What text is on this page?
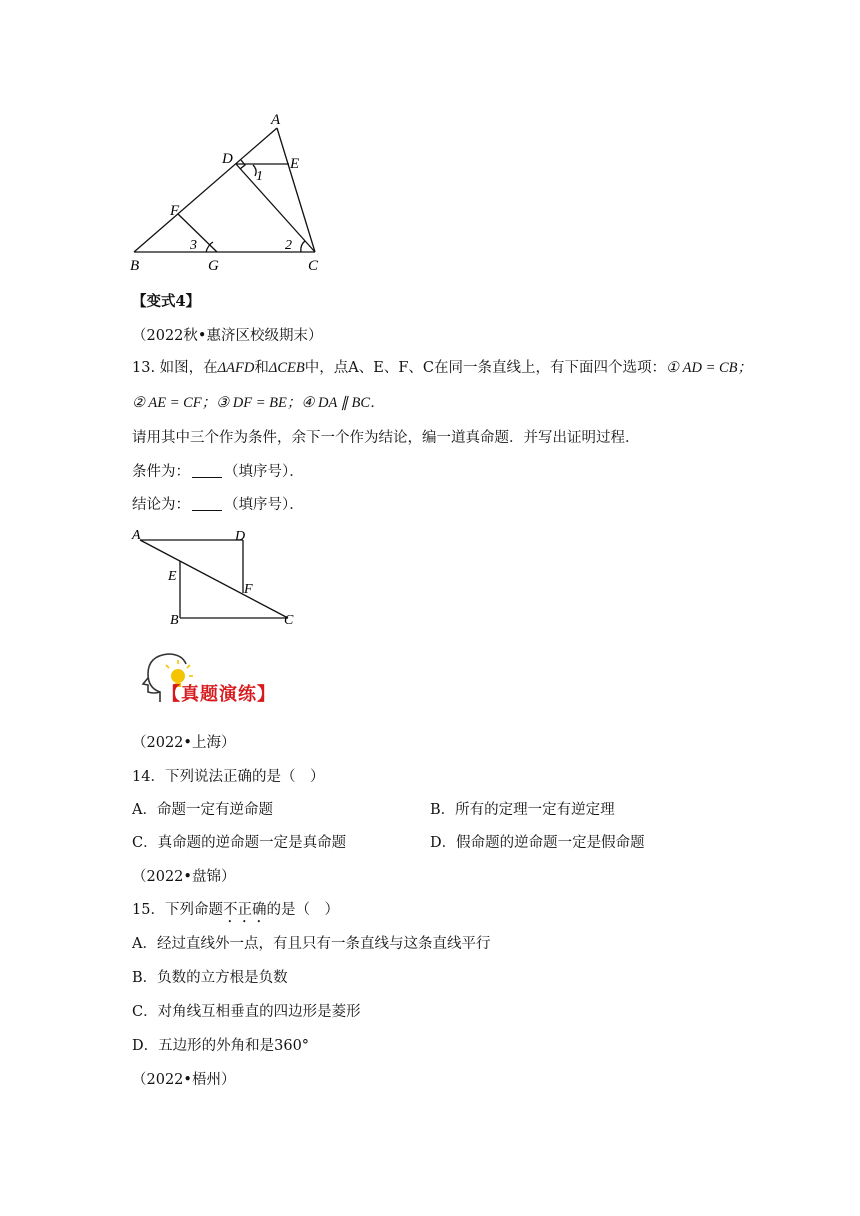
A
D	E
F
B	G	C
1
3	2
【变式4】
（2022秋•惠济区校级期末）
13. 如图，在ΔAFD和ΔCEB中，点A、E、F、C在同一条直线上，有下面四个选项：① AD = CB；
② AE = CF；③ DF = BE；④ DA ∥ BC．
请用其中三个作为条件，余下一个作为结论，编一道真命题．并写出证明过程．
条件为： （填序号）．
结论为： （填序号）．
A	D
E
F
B	C
【真题演练】
（2022•上海）
14．下列说法正确的是（　）
A．命题一定有逆命题	B．所有的定理一定有逆定理
C．真命题的逆命题一定是真命题	D．假命题的逆命题一定是假命题
（2022•盘锦）
15．下列命题不正确的是（　）
A．经过直线外一点，有且只有一条直线与这条直线平行
B．负数的立方根是负数
C．对角线互相垂直的四边形是菱形
D．五边形的外角和是360°
（2022•梧州）
